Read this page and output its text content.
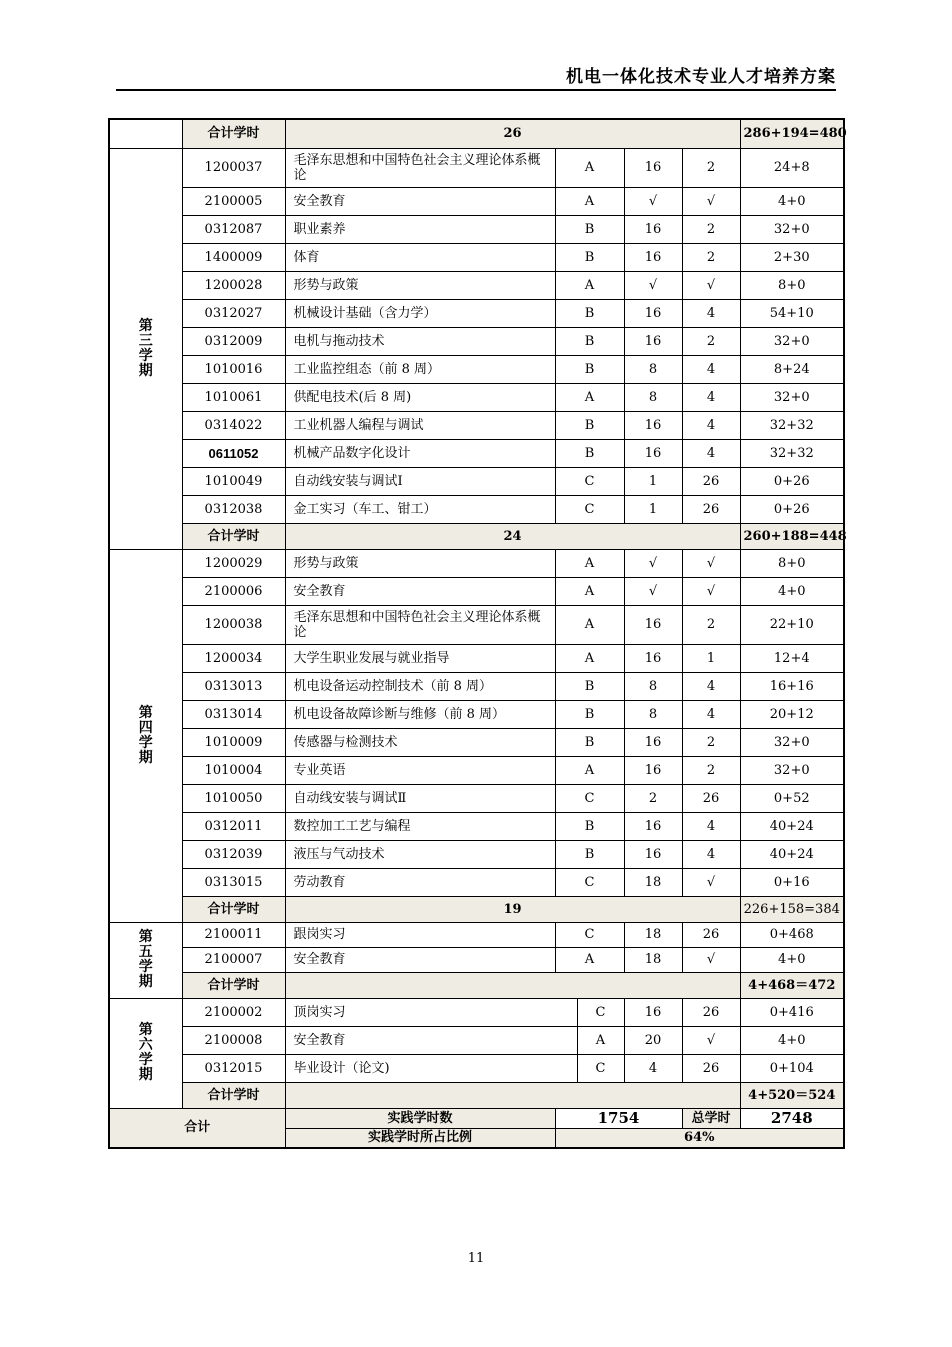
机电一体化技术专业人才培养方案
	合计学时	26					286+194=480

第
三
学
期	1200037	毛泽东思想和中国特色社会主义理论体系概论	A		16	2	24+8
	2100005	安全教育	A		√	√	4+0
	0312087	职业素养	B		16	2	32+0
	1400009	体育	B		16	2	2+30
	1200028	形势与政策	A		√	√	8+0
	0312027	机械设计基础（含力学）	B		16	4	54+10
	0312009	电机与拖动技术	B		16	2	32+0
	1010016	工业监控组态（前 8 周）	B		8	4	8+24
	1010061	供配电技术(后 8 周)	A		8	4	32+0
	0314022	工业机器人编程与调试	B		16	4	32+32
	0611052	机械产品数字化设计	B		16	4	32+32
	1010049	自动线安装与调试Ⅰ	C		1	26	0+26
	0312038	金工实习（车工、钳工）	C		1	26	0+26
	合计学时	24					260+188=448

第
四
学
期	1200029	形势与政策	A		√	√	8+0
	2100006	安全教育	A		√	√	4+0
	1200038	毛泽东思想和中国特色社会主义理论体系概论	A		16	2	22+10
	1200034	大学生职业发展与就业指导	A		16	1	12+4
	0313013	机电设备运动控制技术（前 8 周）	B		8	4	16+16
	0313014	机电设备故障诊断与维修（前 8 周）	B		8	4	20+12
	1010009	传感器与检测技术	B		16	2	32+0
	1010004	专业英语	A		16	2	32+0
	1010050	自动线安装与调试Ⅱ	C		2	26	0+52
	0312011	数控加工工艺与编程	B		16	4	40+24
	0312039	液压与气动技术	B		16	4	40+24
	0313015	劳动教育	C		18	√	0+16
	合计学时	19					226+158=384

第
五
学
期	2100011	跟岗实习	C		18	26	0+468
	2100007	安全教育	A		18	√	4+0
	合计学时						4+468＝472

第
六
学
期	2100002	顶岗实习		C	16	26	0+416
	2100008	安全教育		A	20	√	4+0
	0312015	毕业设计（论文)		C	4	26	0+104
	合计学时						4+520＝524
合计		实践学时数	1754			总学时	2748
		实践学时所占比例	64%				
11
